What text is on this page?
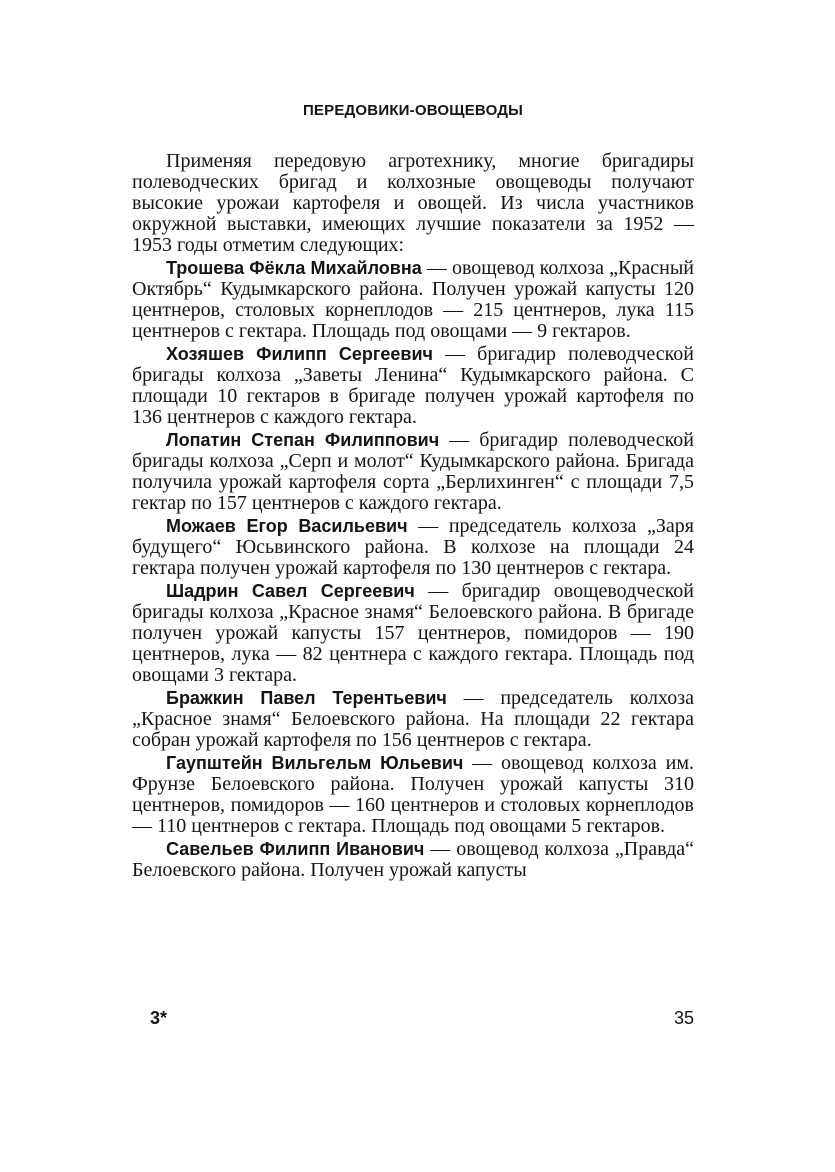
ПЕРЕДОВИКИ-ОВОЩЕВОДЫ

Применяя передовую агротехнику, многие бригадиры полеводческих бригад и колхозные овощеводы получают высокие урожаи картофеля и овощей. Из числа участников окружной выставки, имеющих лучшие показатели за 1952 — 1953 годы отметим следующих:

Трошева Фёкла Михайловна — овощевод колхоза „Красный Октябрь“ Кудымкарского района. Получен урожай капусты 120 центнеров, столовых корнеплодов — 215 центнеров, лука 115 центнеров с гектара. Площадь под овощами — 9 гектаров.

Хозяшев Филипп Сергеевич — бригадир полеводческой бригады колхоза „Заветы Ленина“ Кудымкарского района. С площади 10 гектаров в бригаде получен урожай картофеля по 136 центнеров с каждого гектара.

Лопатин Степан Филиппович — бригадир полеводческой бригады колхоза „Серп и молот“ Кудымкарского района. Бригада получила урожай картофеля сорта „Берлихинген“ с площади 7,5 гектар по 157 центнеров с каждого гектара.

Можаев Егор Васильевич — председатель колхоза „Заря будущего“ Юсьвинского района. В колхозе на площади 24 гектара получен урожай картофеля по 130 центнеров с гектара.

Шадрин Савел Сергеевич — бригадир овощеводческой бригады колхоза „Красное знамя“ Белоевского района. В бригаде получен урожай капусты 157 центнеров, помидоров — 190 центнеров, лука — 82 центнера с каждого гектара. Площадь под овощами 3 гектара.

Бражкин Павел Терентьевич — председатель колхоза „Красное знамя“ Белоевского района. На площади 22 гектара собран урожай картофеля по 156 центнеров с гектара.

Гаупштейн Вильгельм Юльевич — овощевод колхоза им. Фрунзе Белоевского района. Получен урожай капусты 310 центнеров, помидоров — 160 центнеров и столовых корнеплодов — 110 центнеров с гектара. Площадь под овощами 5 гектаров.

Савельев Филипп Иванович — овощевод колхоза „Правда“ Белоевского района. Получен урожай капусты

3*	35
